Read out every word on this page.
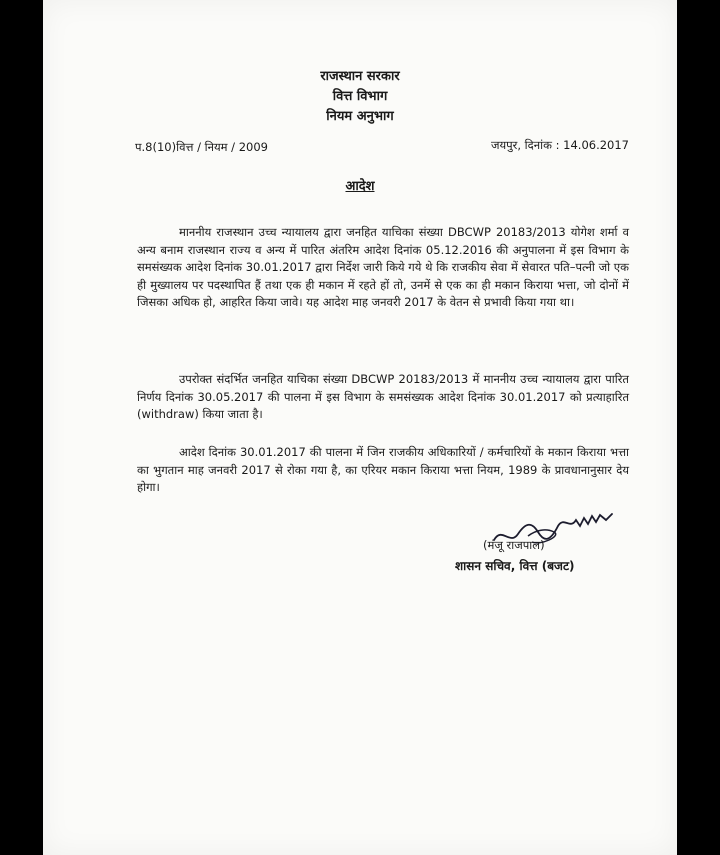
राजस्थान सरकार

वित्त विभाग

नियम अनुभाग

प.8(10)वित्त / नियम / 2009	जयपुर, दिनांक : 14.06.2017

आदेश

माननीय राजस्थान उच्च न्यायालय द्वारा जनहित याचिका संख्या DBCWP 20183/2013 योगेश शर्मा व अन्य बनाम राजस्थान राज्य व अन्य में पारित अंतरिम आदेश दिनांक 05.12.2016 की अनुपालना में इस विभाग के समसंख्यक आदेश दिनांक 30.01.2017 द्वारा निर्देश जारी किये गये थे कि राजकीय सेवा में सेवारत पति–पत्नी जो एक ही मुख्यालय पर पदस्थापित हैं तथा एक ही मकान में रहते हों तो, उनमें से एक का ही मकान किराया भत्ता, जो दोनों में जिसका अधिक हो, आहरित किया जावे। यह आदेश माह जनवरी 2017 के वेतन से प्रभावी किया गया था।

उपरोक्त संदर्भित जनहित याचिका संख्या DBCWP 20183/2013 में माननीय उच्च न्यायालय द्वारा पारित निर्णय दिनांक 30.05.2017 की पालना में इस विभाग के समसंख्यक आदेश दिनांक 30.01.2017 को प्रत्याहारित (withdraw) किया जाता है।

आदेश दिनांक 30.01.2017 की पालना में जिन राजकीय अधिकारियों / कर्मचारियों के मकान किराया भत्ता का भुगतान माह जनवरी 2017 से रोका गया है, का एरियर मकान किराया भत्ता नियम, 1989 के प्रावधानानुसार देय होगा।

(मंजू राजपाल)

शासन सचिव, वित्त (बजट)
